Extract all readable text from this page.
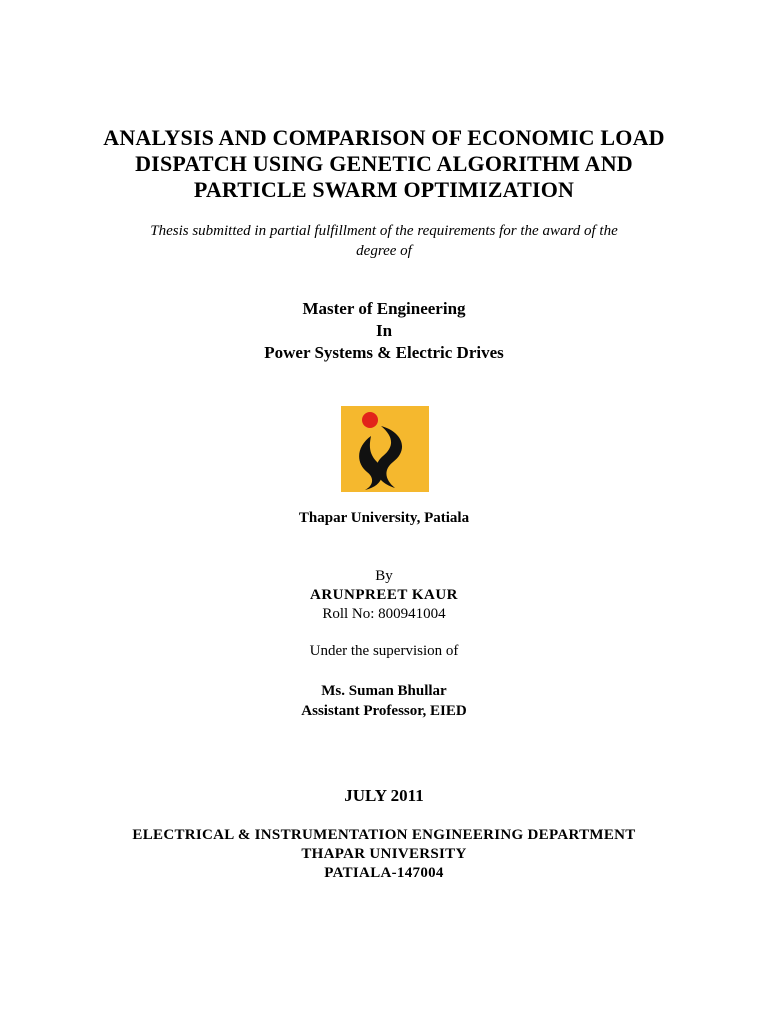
ANALYSIS AND COMPARISON OF ECONOMIC LOAD
DISPATCH USING GENETIC ALGORITHM AND
PARTICLE SWARM OPTIMIZATION
Thesis submitted in partial fulfillment of the requirements for the award of the
degree of
Master of Engineering
In
Power Systems & Electric Drives
Thapar University, Patiala
By
ARUNPREET KAUR
Roll No: 800941004
Under the supervision of
Ms. Suman Bhullar
Assistant Professor, EIED
JULY 2011
ELECTRICAL & INSTRUMENTATION ENGINEERING DEPARTMENT
THAPAR UNIVERSITY
PATIALA-147004
